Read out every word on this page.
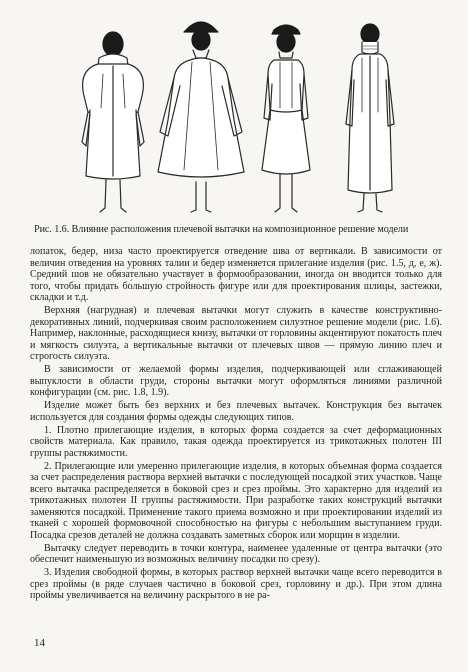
Рис. 1.6. Влияние расположения плечевой вытачки на композиционное решение модели

лопаток, бедер, низа часто проектируется отведение шва от вертикали. В зависимости от величин отведения на уровнях талии и бедер изменяется прилегание изделия (рис. 1.5, д, е, ж). Средний шов не обязательно участвует в формообразовании, иногда он вводится только для того, чтобы придать бо́льшую стройность фигуре или для проектирования шлицы, застежки, складки и т.д.

Верхняя (нагрудная) и плечевая вытачки могут служить в качестве конструктивно-декоративных линий, подчеркивая своим расположением силуэтное решение модели (рис. 1.6). Например, наклонные, расходящиеся книзу, вытачки от горловины акцентируют покатость плеч и мягкость силуэта, а вертикальные вытачки от плечевых швов — прямую линию плеч и строгость силуэта.

В зависимости от желаемой формы изделия, подчеркивающей или сглаживающей выпуклости в области груди, стороны вытачки могут оформляться линиями различной конфигурации (см. рис. 1.8, 1.9).

Изделие может быть без верхних и без плечевых вытачек. Конструкция без вытачек используется для создания формы одежды следующих типов.

1. Плотно прилегающие изделия, в которых форма создается за счет деформационных свойств материала. Как правило, такая одежда проектируется из трикотажных полотен III группы растяжимости.

2. Прилегающие или умеренно прилегающие изделия, в которых объемная форма создается за счет распределения раствора верхней вытачки с последующей посадкой этих участков. Чаще всего вытачка распределяется в боковой срез и срез проймы. Это характерно для изделий из трикотажных полотен II группы растяжимости. При разработке таких конструкций вытачки заменяются посадкой. Применение такого приема возможно и при проектировании изделий из тканей с хорошей формовочной способностью на фигуры с небольшим выступанием груди. Посадка срезов деталей не должна создавать заметных сборок или морщин в изделии.

Вытачку следует переводить в точки контура, наименее удаленные от центра вытачки (это обеспечит наименьшую из возможных величину посадки по срезу).

3. Изделия свободной формы, в которых раствор верхней вытачки чаще всего переводится в срез проймы (в ряде случаев частично в боковой срез, горловину и др.). При этом длина проймы увеличивается на величину раскрытого в не ра-

14
